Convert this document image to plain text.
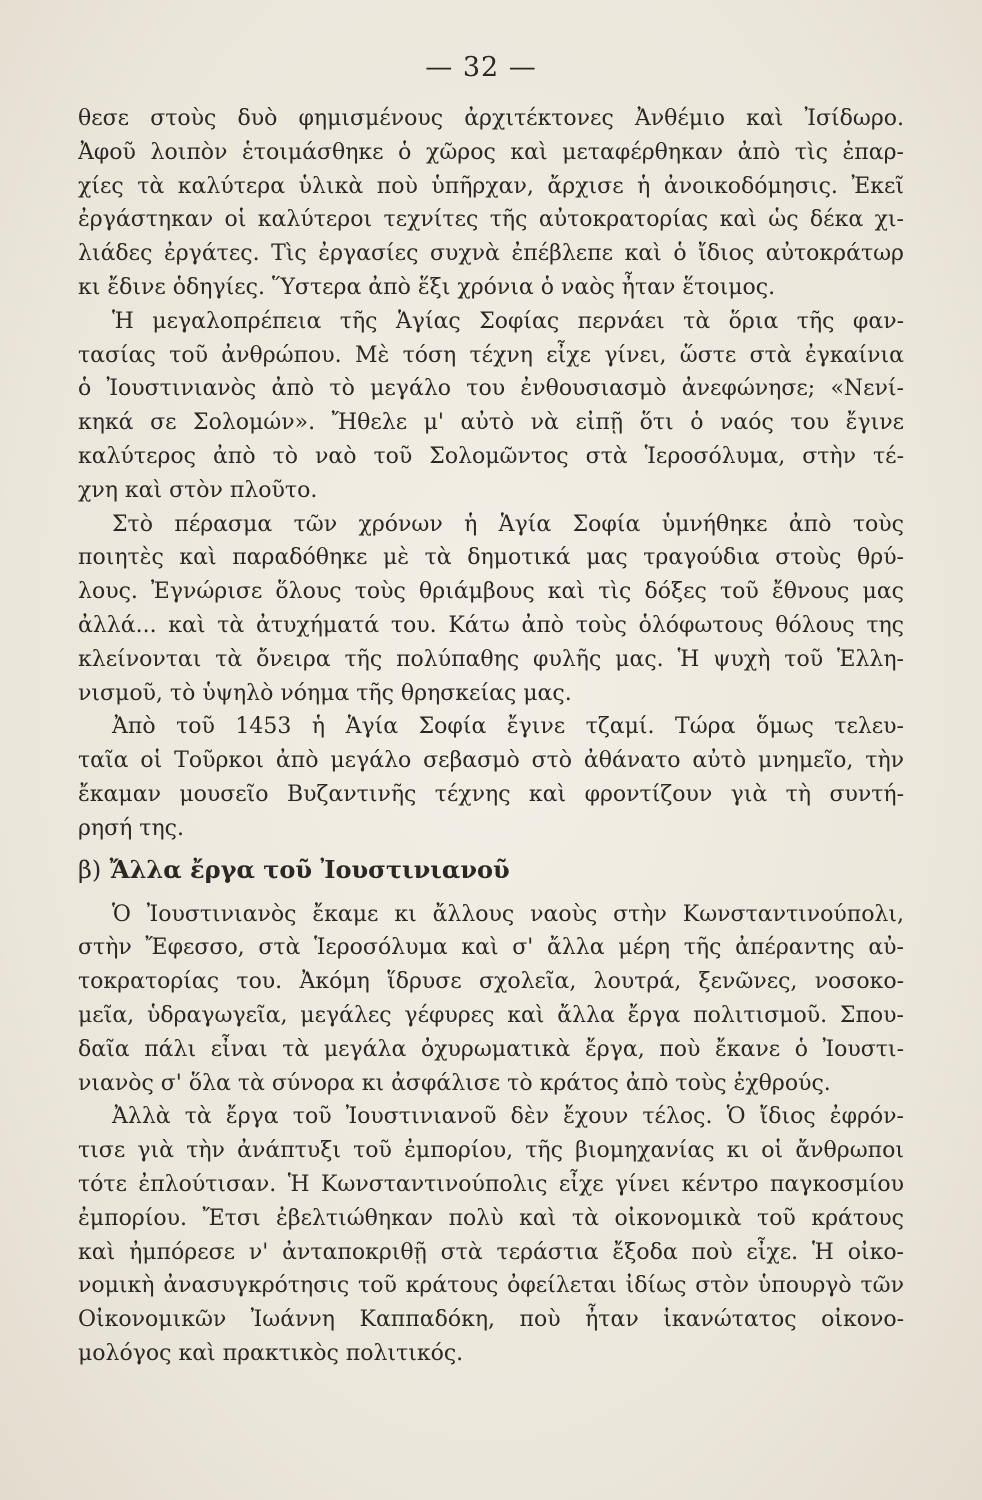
— 32 —
θεσε στοὺς δυὸ φημισμένους ἀρχιτέκτονες Ἀνθέμιο καὶ Ἰσίδωρο.
Ἀφοῦ λοιπὸν ἑτοιμάσθηκε ὁ χῶρος καὶ μεταφέρθηκαν ἀπὸ τὶς ἐπαρ-
χίες τὰ καλύτερα ὑλικὰ ποὺ ὑπῆρχαν, ἄρχισε ἡ ἀνοικοδόμησις. Ἐκεῖ
ἐργάστηκαν οἱ καλύτεροι τεχνίτες τῆς αὐτοκρατορίας καὶ ὡς δέκα χι-
λιάδες ἐργάτες. Τὶς ἐργασίες συχνὰ ἐπέβλεπε καὶ ὁ ἴδιος αὐτοκράτωρ
κι ἔδινε ὁδηγίες. Ὕστερα ἀπὸ ἕξι χρόνια ὁ ναὸς ἦταν ἕτοιμος.
Ἡ μεγαλοπρέπεια τῆς Ἁγίας Σοφίας περνάει τὰ ὅρια τῆς φαν-
τασίας τοῦ ἀνθρώπου. Μὲ τόση τέχνη εἶχε γίνει, ὥστε στὰ ἐγκαίνια
ὁ Ἰουστινιανὸς ἀπὸ τὸ μεγάλο του ἐνθουσιασμὸ ἀνεφώνησε; «Νενί-
κηκά σε Σολομών». Ἤθελε μ' αὐτὸ νὰ εἰπῇ ὅτι ὁ ναός του ἔγινε
καλύτερος ἀπὸ τὸ ναὸ τοῦ Σολομῶντος στὰ Ἱεροσόλυμα, στὴν τέ-
χνη καὶ στὸν πλοῦτο.
Στὸ πέρασμα τῶν χρόνων ἡ Ἁγία Σοφία ὑμνήθηκε ἀπὸ τοὺς
ποιητὲς καὶ παραδόθηκε μὲ τὰ δημοτικά μας τραγούδια στοὺς θρύ-
λους. Ἐγνώρισε ὅλους τοὺς θριάμβους καὶ τὶς δόξες τοῦ ἔθνους μας
ἀλλά... καὶ τὰ ἀτυχήματά του. Κάτω ἀπὸ τοὺς ὁλόφωτους θόλους της
κλείνονται τὰ ὄνειρα τῆς πολύπαθης φυλῆς μας. Ἡ ψυχὴ τοῦ Ἑλλη-
νισμοῦ, τὸ ὑψηλὸ νόημα τῆς θρησκείας μας.
Ἀπὸ τοῦ 1453 ἡ Ἁγία Σοφία ἔγινε τζαμί. Τώρα ὅμως τελευ-
ταῖα οἱ Τοῦρκοι ἀπὸ μεγάλο σεβασμὸ στὸ ἀθάνατο αὐτὸ μνημεῖο, τὴν
ἔκαμαν μουσεῖο Βυζαντινῆς τέχνης καὶ φροντίζουν γιὰ τὴ συντή-
ρησή της.
β) Ἄλλα ἔργα τοῦ Ἰουστινιανοῦ
Ὁ Ἰουστινιανὸς ἔκαμε κι ἄλλους ναοὺς στὴν Κωνσταντινούπολι,
στὴν Ἔφεσσο, στὰ Ἱεροσόλυμα καὶ σ' ἄλλα μέρη τῆς ἀπέραντης αὐ-
τοκρατορίας του. Ἀκόμη ἵδρυσε σχολεῖα, λουτρά, ξενῶνες, νοσοκο-
μεῖα, ὑδραγωγεῖα, μεγάλες γέφυρες καὶ ἄλλα ἔργα πολιτισμοῦ. Σπου-
δαῖα πάλι εἶναι τὰ μεγάλα ὀχυρωματικὰ ἔργα, ποὺ ἔκανε ὁ Ἰουστι-
νιανὸς σ' ὅλα τὰ σύνορα κι ἀσφάλισε τὸ κράτος ἀπὸ τοὺς ἐχθρούς.
Ἀλλὰ τὰ ἔργα τοῦ Ἰουστινιανοῦ δὲν ἔχουν τέλος. Ὁ ἴδιος ἐφρόν-
τισε γιὰ τὴν ἀνάπτυξι τοῦ ἐμπορίου, τῆς βιομηχανίας κι οἱ ἄνθρωποι
τότε ἐπλούτισαν. Ἡ Κωνσταντινούπολις εἶχε γίνει κέντρο παγκοσμίου
ἐμπορίου. Ἔτσι ἐβελτιώθηκαν πολὺ καὶ τὰ οἰκονομικὰ τοῦ κράτους
καὶ ἠμπόρεσε ν' ἀνταποκριθῇ στὰ τεράστια ἔξοδα ποὺ εἶχε. Ἡ οἰκο-
νομικὴ ἀνασυγκρότησις τοῦ κράτους ὀφείλεται ἰδίως στὸν ὑπουργὸ τῶν
Οἰκονομικῶν Ἰωάννη Καππαδόκη, ποὺ ἦταν ἱκανώτατος οἰκονο-
μολόγος καὶ πρακτικὸς πολιτικός.
